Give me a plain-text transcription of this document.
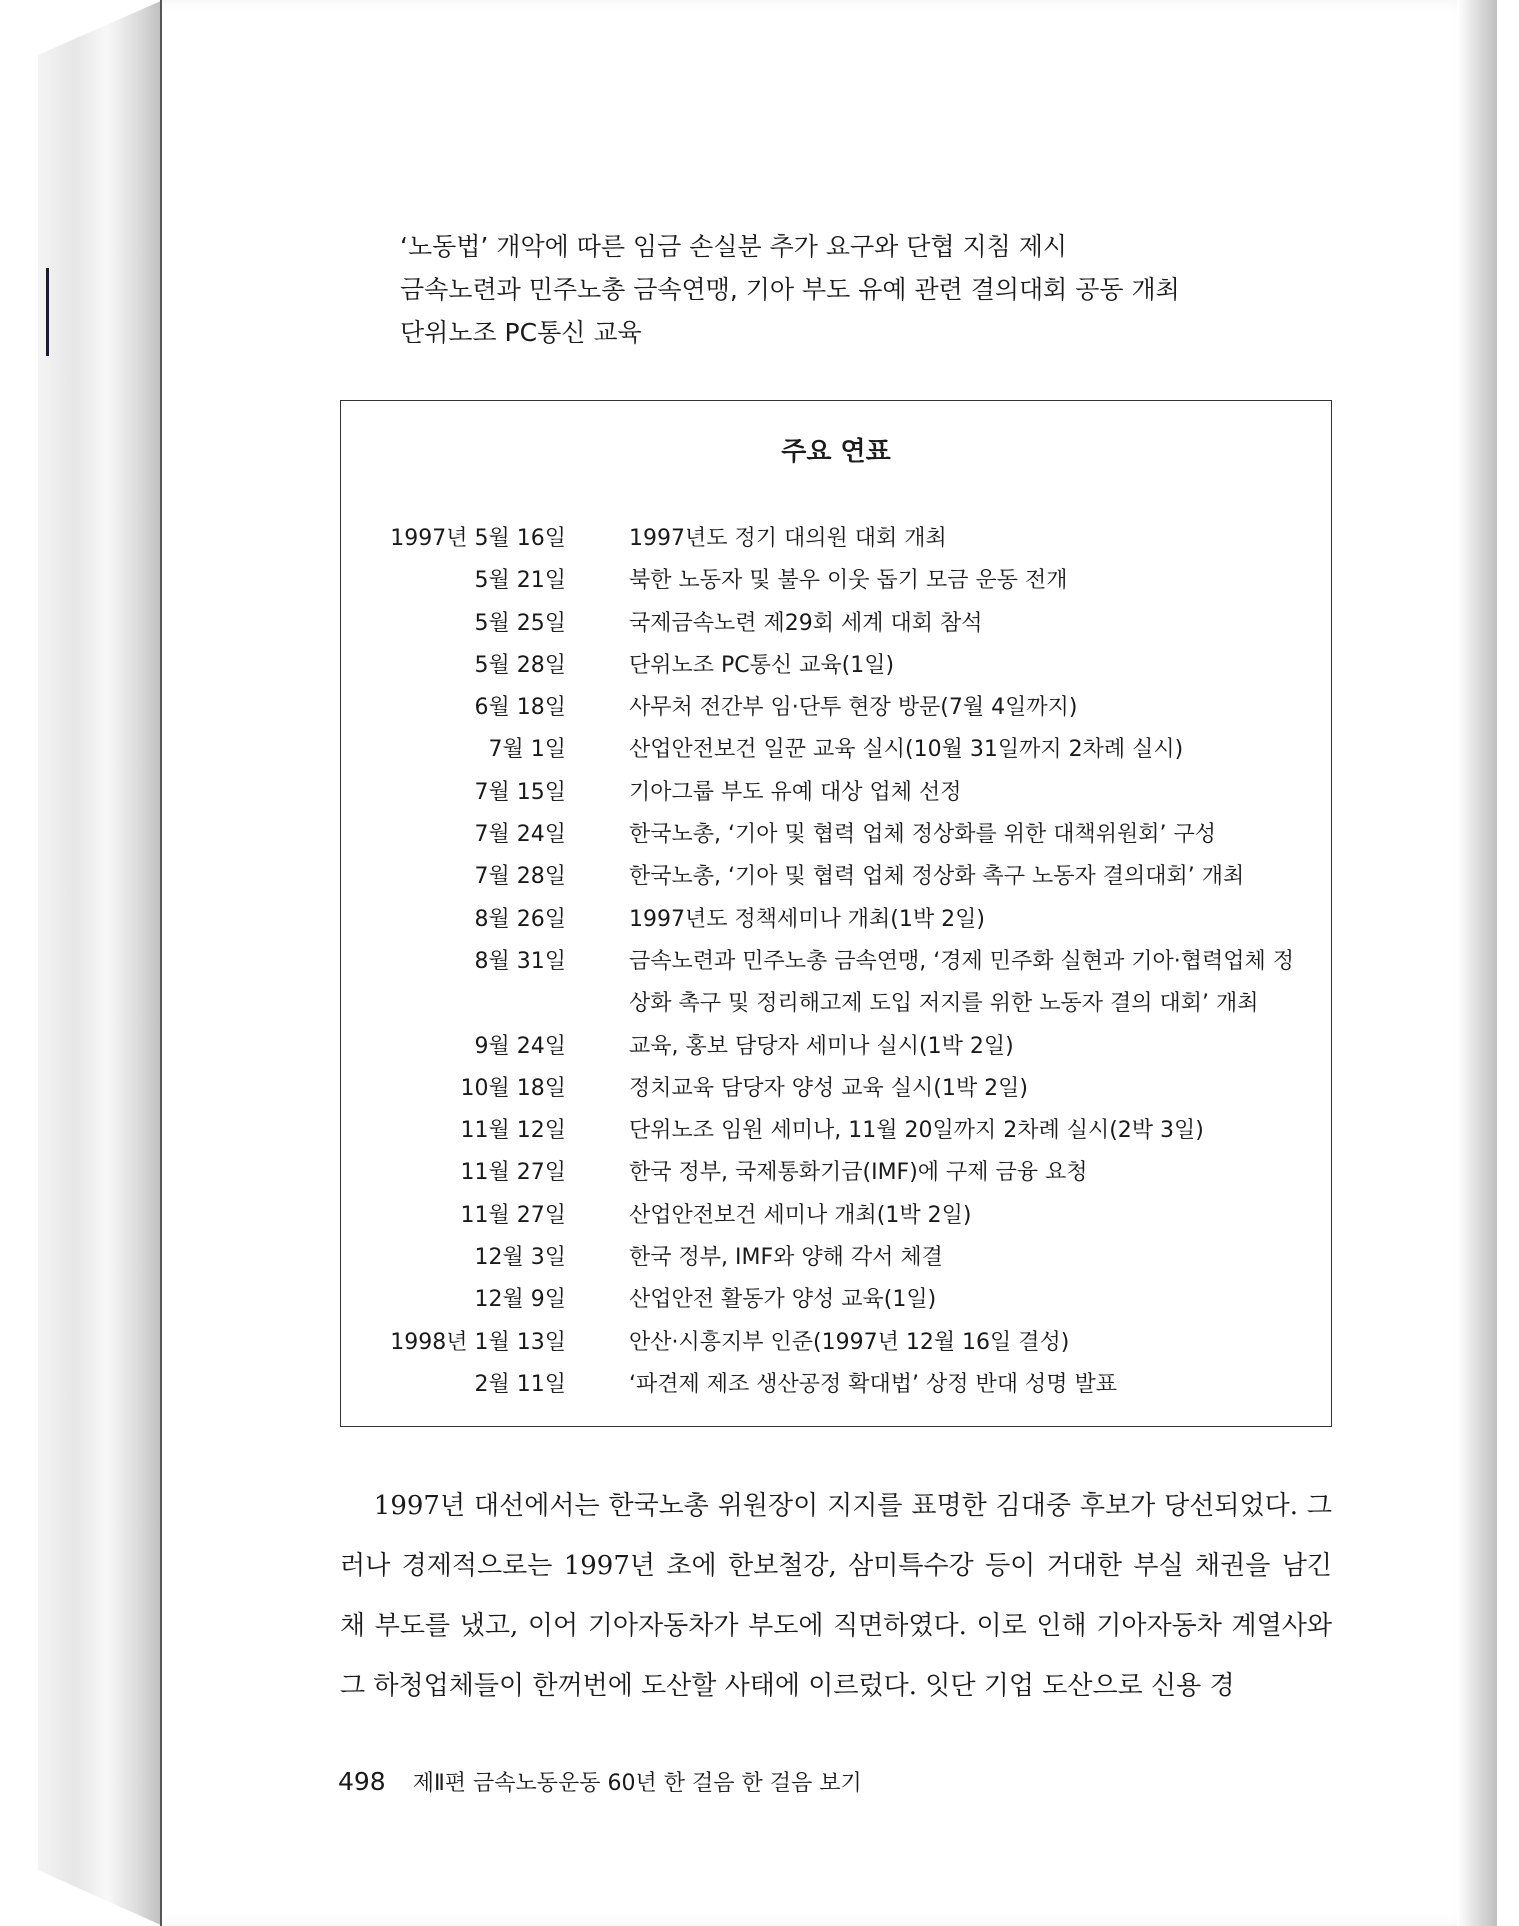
‘노동법’ 개악에 따른 임금 손실분 추가 요구와 단협 지침 제시
금속노련과 민주노총 금속연맹, 기아 부도 유예 관련 결의대회 공동 개최
단위노조 PC통신 교육
주요 연표
1997년 5월 16일	1997년도 정기 대의원 대회 개최
5월 21일	북한 노동자 및 불우 이웃 돕기 모금 운동 전개
5월 25일	국제금속노련 제29회 세계 대회 참석
5월 28일	단위노조 PC통신 교육(1일)
6월 18일	사무처 전간부 임·단투 현장 방문(7월 4일까지)
7월 1일	산업안전보건 일꾼 교육 실시(10월 31일까지 2차례 실시)
7월 15일	기아그룹 부도 유예 대상 업체 선정
7월 24일	한국노총, ‘기아 및 협력 업체 정상화를 위한 대책위원회’ 구성
7월 28일	한국노총, ‘기아 및 협력 업체 정상화 촉구 노동자 결의대회’ 개최
8월 26일	1997년도 정책세미나 개최(1박 2일)
8월 31일	금속노련과 민주노총 금속연맹, ‘경제 민주화 실현과 기아·협력업체 정상화 촉구 및 정리해고제 도입 저지를 위한 노동자 결의 대회’ 개최
9월 24일	교육, 홍보 담당자 세미나 실시(1박 2일)
10월 18일	정치교육 담당자 양성 교육 실시(1박 2일)
11월 12일	단위노조 임원 세미나, 11월 20일까지 2차례 실시(2박 3일)
11월 27일	한국 정부, 국제통화기금(IMF)에 구제 금융 요청
11월 27일	산업안전보건 세미나 개최(1박 2일)
12월 3일	한국 정부, IMF와 양해 각서 체결
12월 9일	산업안전 활동가 양성 교육(1일)
1998년 1월 13일	안산·시흥지부 인준(1997년 12월 16일 결성)
2월 11일	‘파견제 제조 생산공정 확대법’ 상정 반대 성명 발표
1997년 대선에서는 한국노총 위원장이 지지를 표명한 김대중 후보가 당선되었다. 그러나 경제적으로는 1997년 초에 한보철강, 삼미특수강 등이 거대한 부실 채권을 남긴 채 부도를 냈고, 이어 기아자동차가 부도에 직면하였다. 이로 인해 기아자동차 계열사와 그 하청업체들이 한꺼번에 도산할 사태에 이르렀다. 잇단 기업 도산으로 신용 경
498 제Ⅱ편 금속노동운동 60년 한 걸음 한 걸음 보기
